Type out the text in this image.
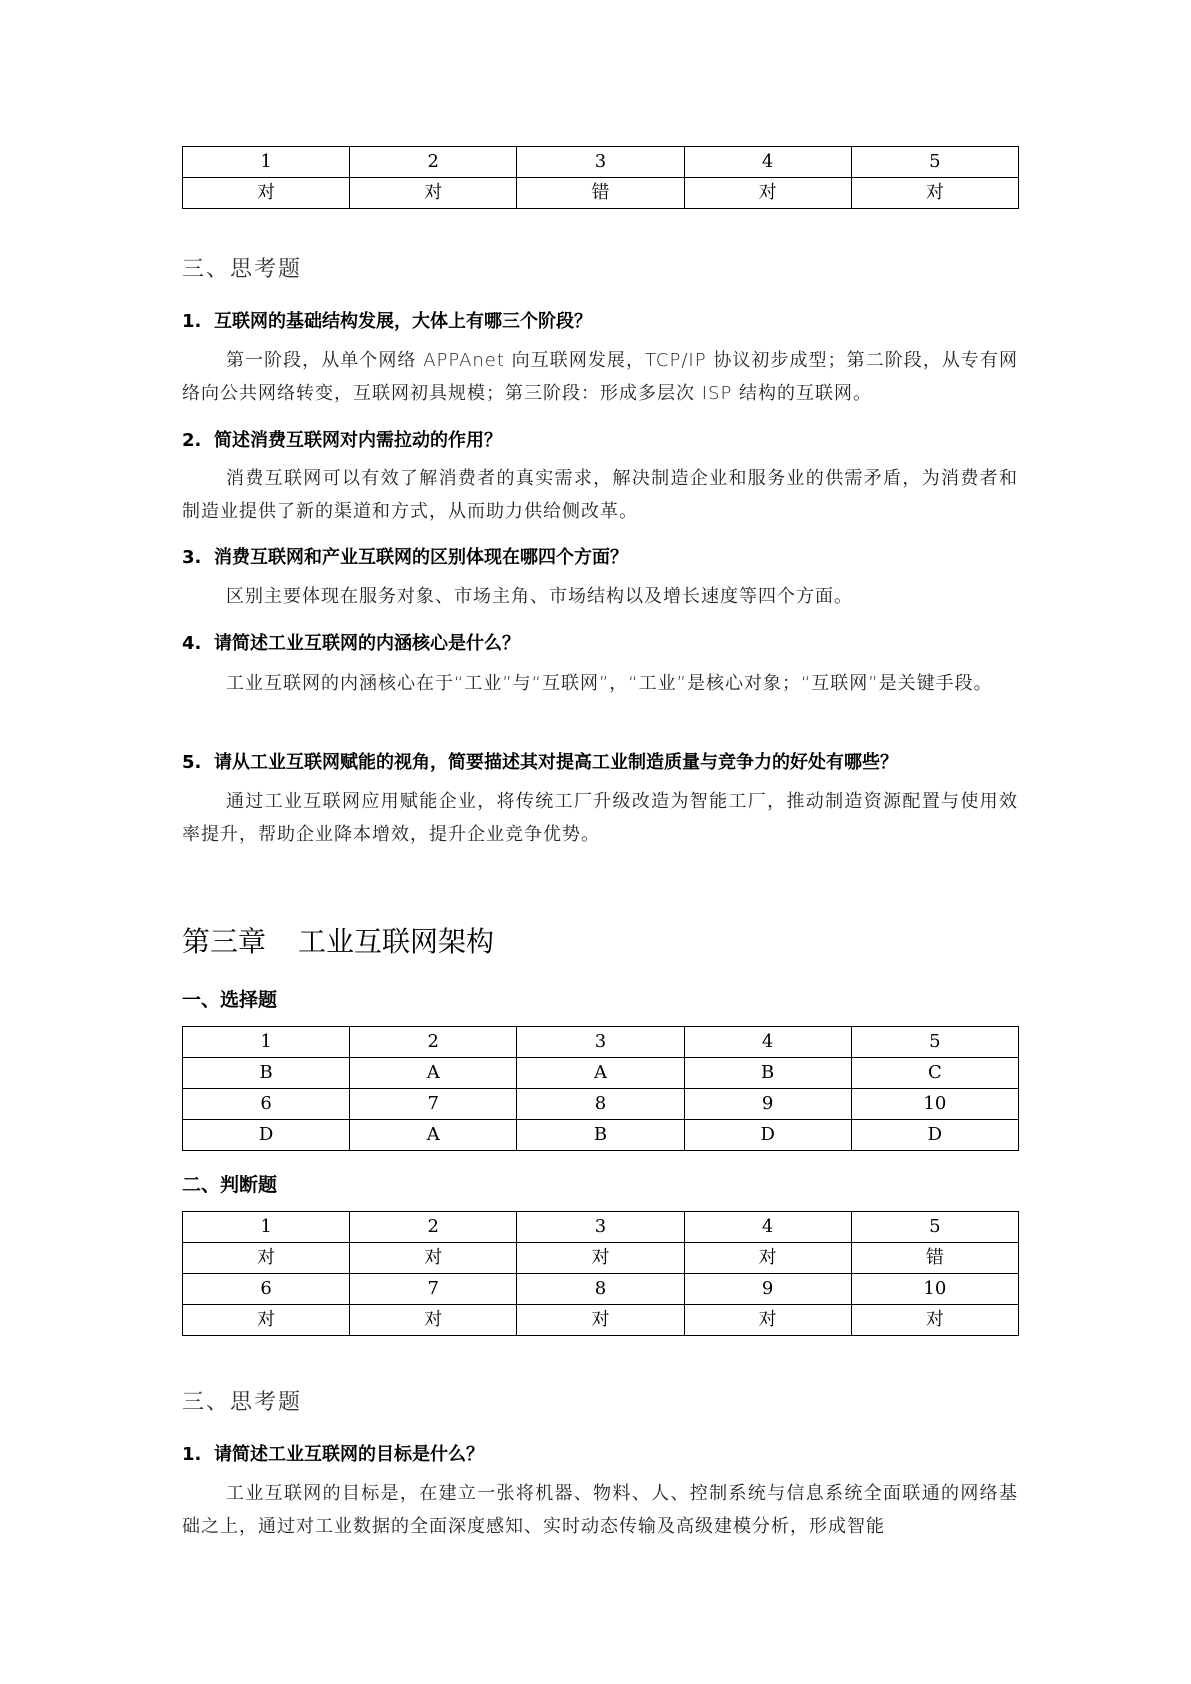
1	2	3	4	5
对	对	错	对	对
三、思考题
1. 互联网的基础结构发展，大体上有哪三个阶段？
第一阶段，从单个网络 APPAnet 向互联网发展，TCP/IP 协议初步成型；第二阶段，从专有网络向公共网络转变，互联网初具规模；第三阶段：形成多层次 ISP 结构的互联网。
2. 简述消费互联网对内需拉动的作用？
消费互联网可以有效了解消费者的真实需求，解决制造企业和服务业的供需矛盾，为消费者和制造业提供了新的渠道和方式，从而助力供给侧改革。
3. 消费互联网和产业互联网的区别体现在哪四个方面？
区别主要体现在服务对象、市场主角、市场结构以及增长速度等四个方面。
4. 请简述工业互联网的内涵核心是什么？
工业互联网的内涵核心在于“工业”与“互联网”，“工业”是核心对象；“互联网”是关键手段。
5. 请从工业互联网赋能的视角，简要描述其对提高工业制造质量与竞争力的好处有哪些？
通过工业互联网应用赋能企业，将传统工厂升级改造为智能工厂，推动制造资源配置与使用效率提升，帮助企业降本增效，提升企业竞争优势。
第三章 工业互联网架构
一、选择题
1	2	3	4	5
B	A	A	B	C
6	7	8	9	10
D	A	B	D	D
二、判断题
1	2	3	4	5
对	对	对	对	错
6	7	8	9	10
对	对	对	对	对
三、思考题
1. 请简述工业互联网的目标是什么？
工业互联网的目标是，在建立一张将机器、物料、人、控制系统与信息系统全面联通的网络基础之上，通过对工业数据的全面深度感知、实时动态传输及高级建模分析，形成智能
